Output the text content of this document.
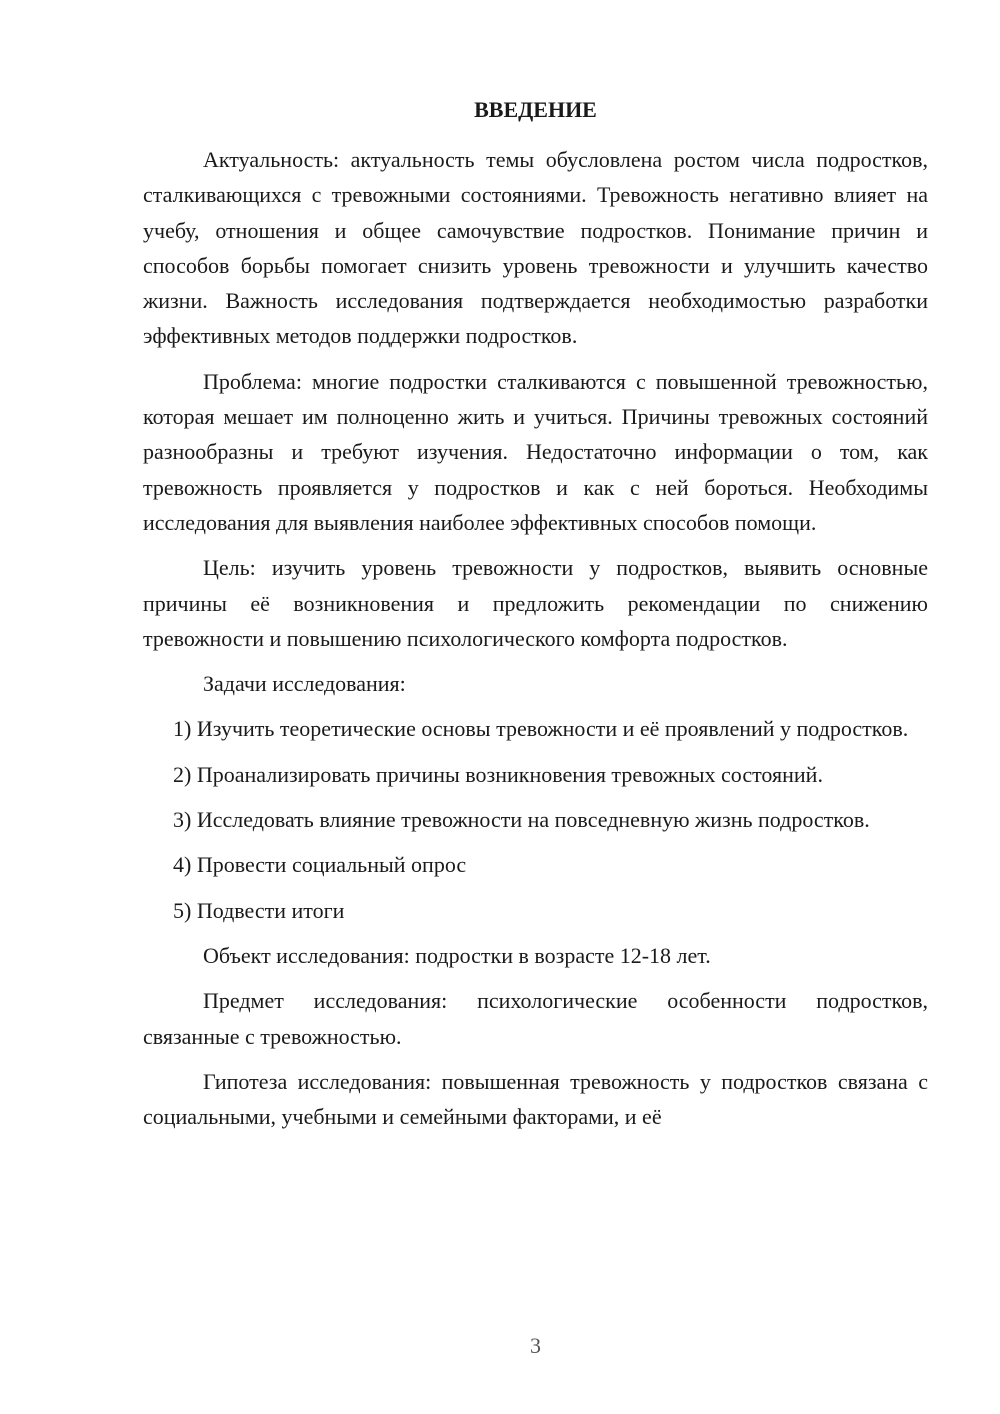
ВВЕДЕНИЕ

Актуальность: актуальность темы обусловлена ростом числа подростков, сталкивающихся с тревожными состояниями. Тревожность негативно влияет на учебу, отношения и общее самочувствие подростков. Понимание причин и способов борьбы помогает снизить уровень тревожности и улучшить качество жизни. Важность исследования подтверждается необходимостью разработки эффективных методов поддержки подростков.

Проблема: многие подростки сталкиваются с повышенной тревожностью, которая мешает им полноценно жить и учиться. Причины тревожных состояний разнообразны и требуют изучения. Недостаточно информации о том, как тревожность проявляется у подростков и как с ней бороться. Необходимы исследования для выявления наиболее эффективных способов помощи.

Цель: изучить уровень тревожности у подростков, выявить основные причины её возникновения и предложить рекомендации по снижению тревожности и повышению психологического комфорта подростков.

Задачи исследования:

1) Изучить теоретические основы тревожности и её проявлений у подростков.

2) Проанализировать причины возникновения тревожных состояний.

3) Исследовать влияние тревожности на повседневную жизнь подростков.

4) Провести социальный опрос

5) Подвести итоги

Объект исследования: подростки в возрасте 12-18 лет.

Предмет исследования: психологические особенности подростков, связанные с тревожностью.

Гипотеза исследования: повышенная тревожность у подростков связана с социальными, учебными и семейными факторами, и её

3
